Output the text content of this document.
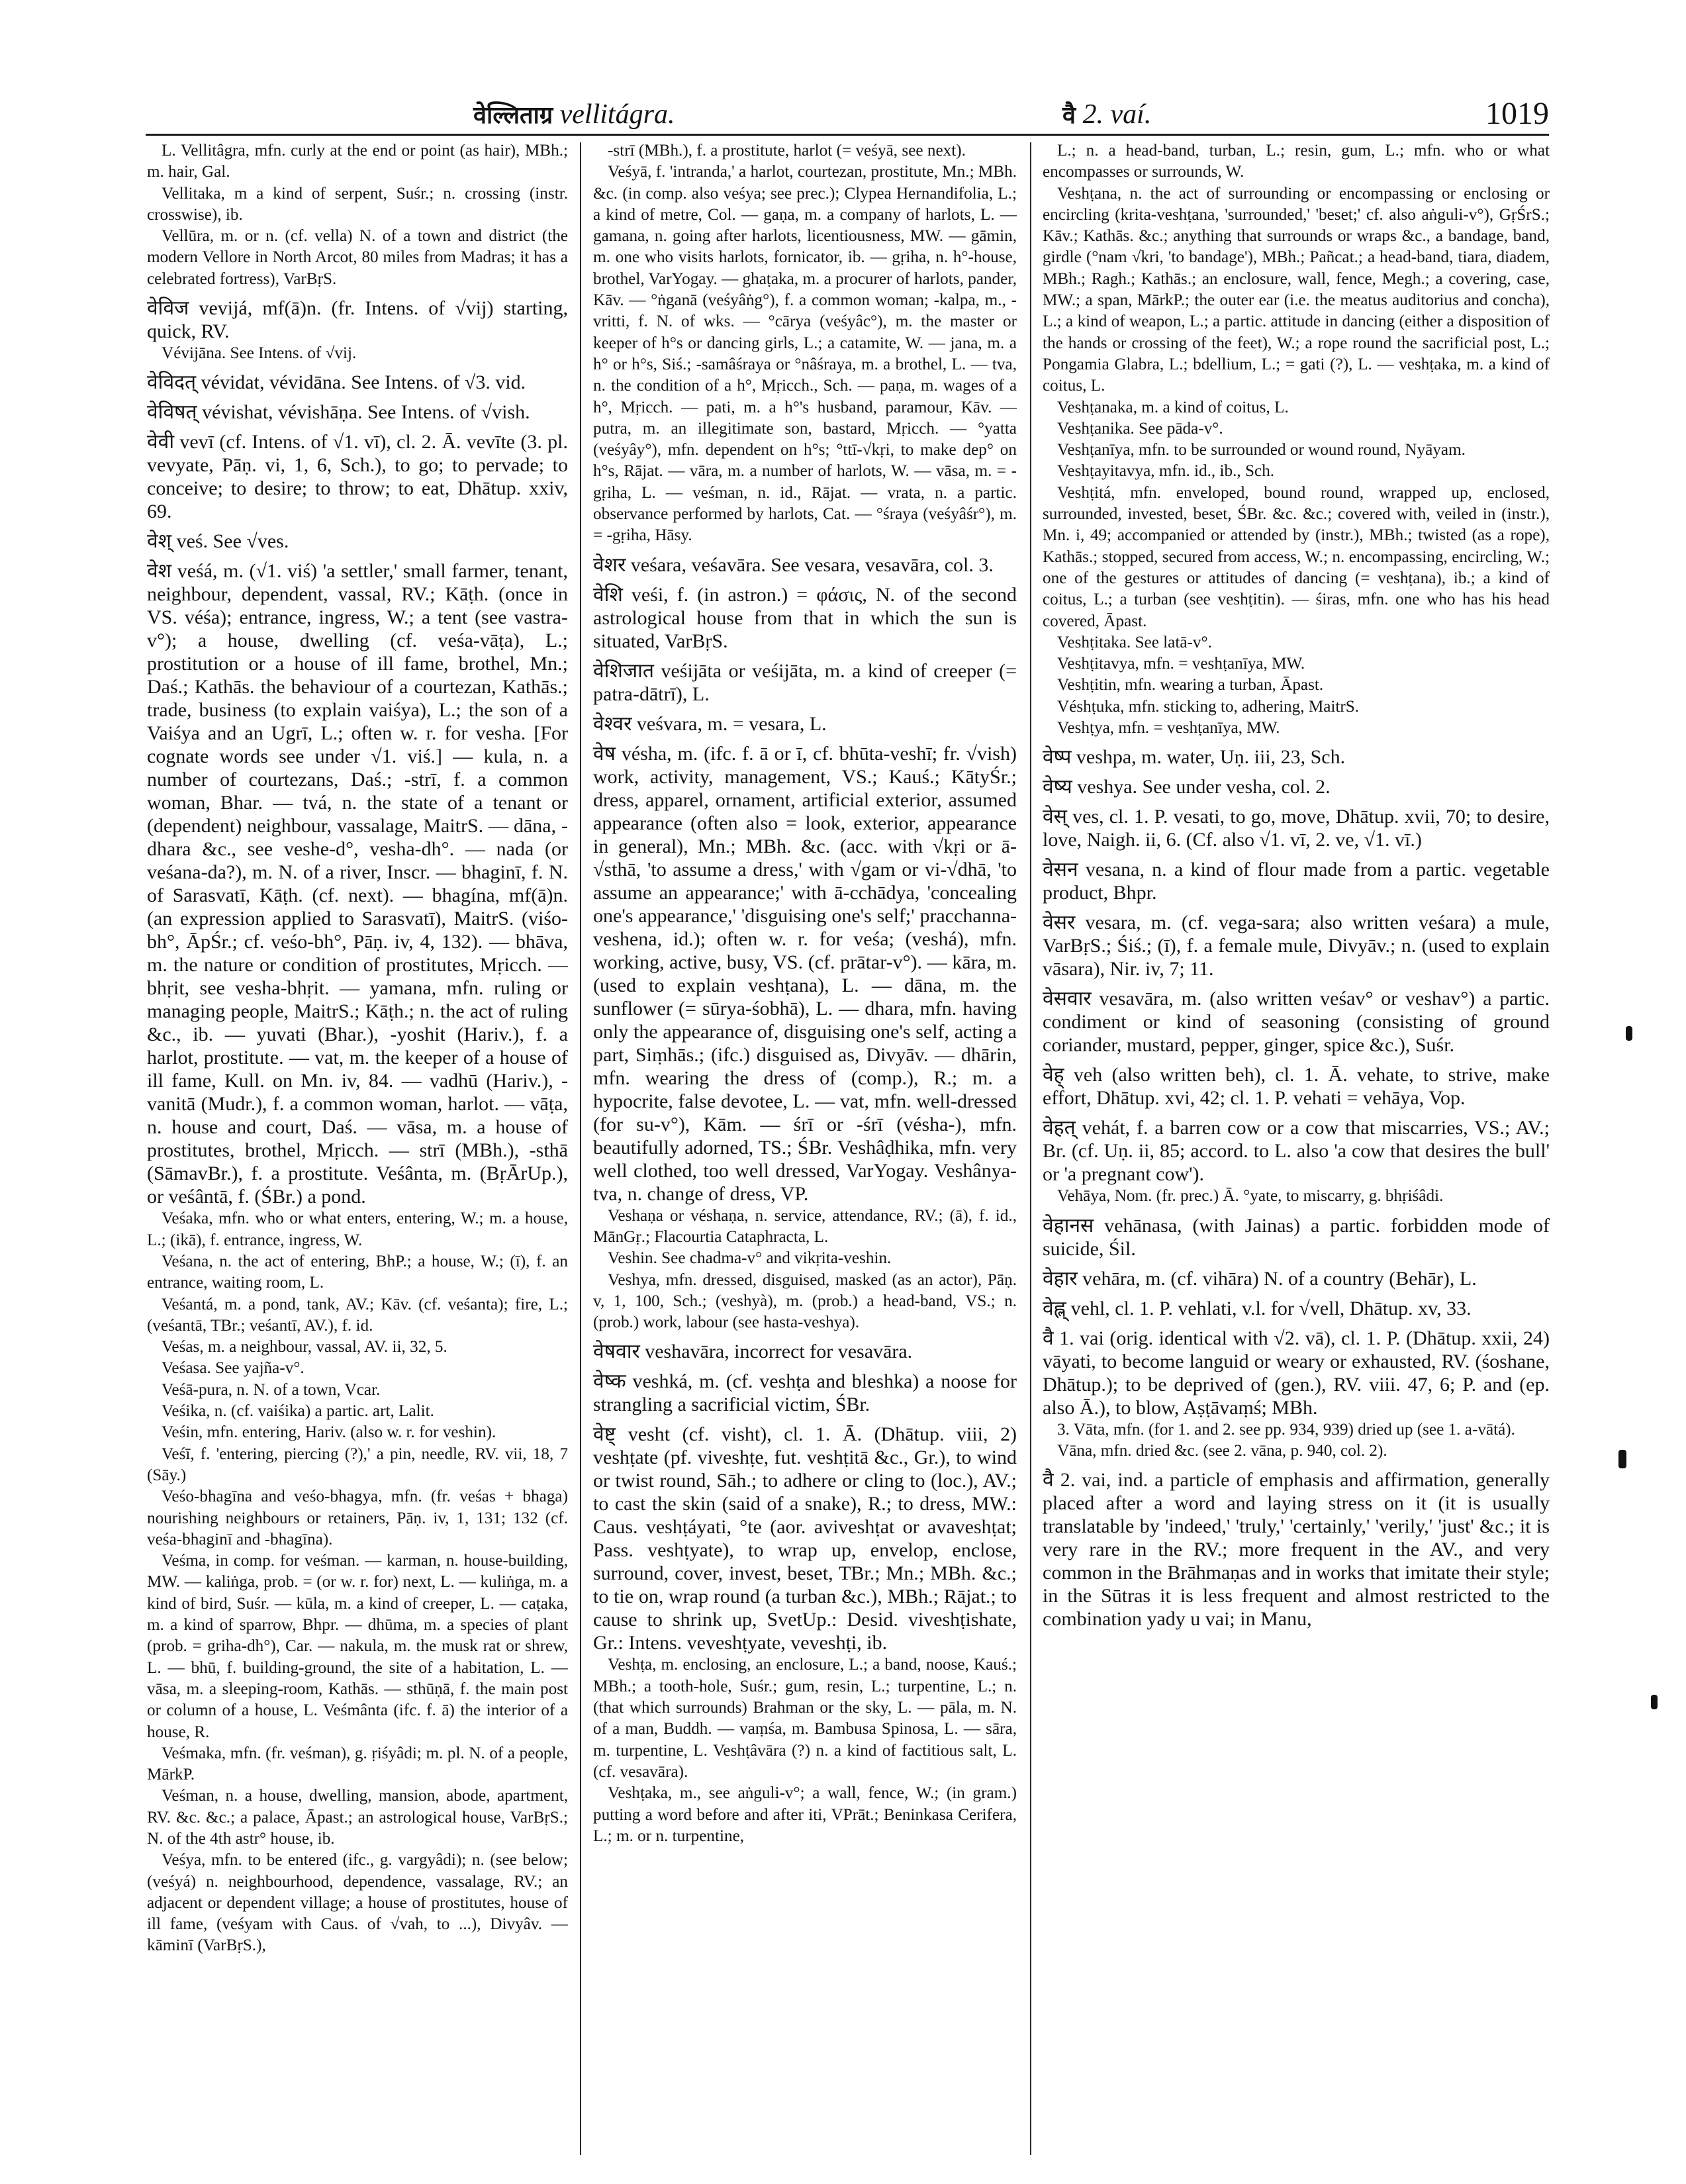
वेल्लिताग्र vellitágra.	वै 2. vaí.	1019

L. Vellitâgra, mfn. curly at the end or point (as hair), MBh.; m. hair, Gal.

Vellitaka, m a kind of serpent, Suśr.; n. crossing (instr. crosswise), ib.

Vellūra, m. or n. (cf. vella) N. of a town and district (the modern Vellore in North Arcot, 80 miles from Madras; it has a celebrated fortress), VarBṛS.

वेविज vevijá, mf(ā)n. (fr. Intens. of √vij) starting, quick, RV.

Vévijāna. See Intens. of √vij.

वेविदत् vévidat, vévidāna. See Intens. of √3. vid.

वेविषत् vévishat, vévishāṇa. See Intens. of √vish.

वेवी vevī (cf. Intens. of √1. vī), cl. 2. Ā. vevīte (3. pl. vevyate, Pāṇ. vi, 1, 6, Sch.), to go; to pervade; to conceive; to desire; to throw; to eat, Dhātup. xxiv, 69.

वेश् veś. See √ves.

वेश veśá, m. (√1. viś) 'a settler,' small farmer, tenant, neighbour, dependent, vassal, RV.; Kāṭh. (once in VS. véśa); entrance, ingress, W.; a tent (see vastra-v°); a house, dwelling (cf. veśa-vāṭa), L.; prostitution or a house of ill fame, brothel, Mn.; Daś.; Kathās. the behaviour of a courtezan, Kathās.; trade, business (to explain vaiśya), L.; the son of a Vaiśya and an Ugrī, L.; often w. r. for vesha. [For cognate words see under √1. viś.] — kula, n. a number of courtezans, Daś.; -strī, f. a common woman, Bhar. — tvá, n. the state of a tenant or (dependent) neighbour, vassalage, MaitrS. — dāna, -dhara &c., see veshe-d°, vesha-dh°. — nada (or veśana-da?), m. N. of a river, Inscr. — bhaginī, f. N. of Sarasvatī, Kāṭh. (cf. next). — bhagína, mf(ā)n. (an expression applied to Sarasvatī), MaitrS. (viśo-bh°, ĀpŚr.; cf. veśo-bh°, Pāṇ. iv, 4, 132). — bhāva, m. the nature or condition of prostitutes, Mṛicch. — bhṛit, see vesha-bhṛit. — yamana, mfn. ruling or managing people, MaitrS.; Kāṭh.; n. the act of ruling &c., ib. — yuvati (Bhar.), -yoshit (Hariv.), f. a harlot, prostitute. — vat, m. the keeper of a house of ill fame, Kull. on Mn. iv, 84. — vadhū (Hariv.), -vanitā (Mudr.), f. a common woman, harlot. — vāṭa, n. house and court, Daś. — vāsa, m. a house of prostitutes, brothel, Mṛicch. — strī (MBh.), -sthā (SāmavBr.), f. a prostitute. Veśânta, m. (BṛĀrUp.), or veśântā, f. (ŚBr.) a pond.

Veśaka, mfn. who or what enters, entering, W.; m. a house, L.; (ikā), f. entrance, ingress, W.

Veśana, n. the act of entering, BhP.; a house, W.; (ī), f. an entrance, waiting room, L.

Veśantá, m. a pond, tank, AV.; Kāv. (cf. veśanta); fire, L.; (veśantā, TBr.; veśantī, AV.), f. id.

Veśas, m. a neighbour, vassal, AV. ii, 32, 5.

Veśasa. See yajña-v°.

Veśā-pura, n. N. of a town, Vcar.

Veśika, n. (cf. vaiśika) a partic. art, Lalit.

Veśin, mfn. entering, Hariv. (also w. r. for veshin).

Veśī, f. 'entering, piercing (?),' a pin, needle, RV. vii, 18, 7 (Sāy.)

Veśo-bhagīna and veśo-bhagya, mfn. (fr. veśas + bhaga) nourishing neighbours or retainers, Pāṇ. iv, 1, 131; 132 (cf. veśa-bhaginī and -bhagīna).

Veśma, in comp. for veśman. — karman, n. house-building, MW. — kaliṅga, prob. = (or w. r. for) next, L. — kuliṅga, m. a kind of bird, Suśr. — kūla, m. a kind of creeper, L. — caṭaka, m. a kind of sparrow, Bhpr. — dhūma, m. a species of plant (prob. = griha-dh°), Car. — nakula, m. the musk rat or shrew, L. — bhū, f. building-ground, the site of a habitation, L. — vāsa, m. a sleeping-room, Kathās. — sthūṇā, f. the main post or column of a house, L. Veśmânta (ifc. f. ā) the interior of a house, R.

Veśmaka, mfn. (fr. veśman), g. ṛiśyâdi; m. pl. N. of a people, MārkP.

Veśman, n. a house, dwelling, mansion, abode, apartment, RV. &c. &c.; a palace, Āpast.; an astrological house, VarBṛS.; N. of the 4th astr° house, ib.

Veśya, mfn. to be entered (ifc., g. vargyâdi); n. (see below; (veśyá) n. neighbourhood, dependence, vassalage, RV.; an adjacent or dependent village; a house of prostitutes, house of ill fame, (veśyam with Caus. of √vah, to ...), Divyâv. — kāminī (VarBṛS.),

-strī (MBh.), f. a prostitute, harlot (= veśyā, see next).

Veśyā, f. 'intranda,' a harlot, courtezan, prostitute, Mn.; MBh. &c. (in comp. also veśya; see prec.); Clypea Hernandifolia, L.; a kind of metre, Col. — gaṇa, m. a company of harlots, L. — gamana, n. going after harlots, licentiousness, MW. — gāmin, m. one who visits harlots, fornicator, ib. — gṛiha, n. h°-house, brothel, VarYogay. — ghaṭaka, m. a procurer of harlots, pander, Kāv. — °ṅganā (veśyâṅg°), f. a common woman; -kalpa, m., -vritti, f. N. of wks. — °cārya (veśyâc°), m. the master or keeper of h°s or dancing girls, L.; a catamite, W. — jana, m. a h° or h°s, Siś.; -samâśraya or °nâśraya, m. a brothel, L. — tva, n. the condition of a h°, Mṛicch., Sch. — paṇa, m. wages of a h°, Mṛicch. — pati, m. a h°'s husband, paramour, Kāv. — putra, m. an illegitimate son, bastard, Mṛicch. — °yatta (veśyây°), mfn. dependent on h°s; °ttī-√kṛi, to make dep° on h°s, Rājat. — vāra, m. a number of harlots, W. — vāsa, m. = -gṛiha, L. — veśman, n. id., Rājat. — vrata, n. a partic. observance performed by harlots, Cat. — °śraya (veśyâśr°), m. = -gṛiha, Hāsy.

वेशर veśara, veśavāra. See vesara, vesavāra, col. 3.

वेशि veśi, f. (in astron.) = φάσις, N. of the second astrological house from that in which the sun is situated, VarBṛS.

वेशिजात veśijāta or veśijāta, m. a kind of creeper (= patra-dātrī), L.

वेश्वर veśvara, m. = vesara, L.

वेष vésha, m. (ifc. f. ā or ī, cf. bhūta-veshī; fr. √vish) work, activity, management, VS.; Kauś.; KātyŚr.; dress, apparel, ornament, artificial exterior, assumed appearance (often also = look, exterior, appearance in general), Mn.; MBh. &c. (acc. with √kṛi or ā-√sthā, 'to assume a dress,' with √gam or vi-√dhā, 'to assume an appearance;' with ā-cchādya, 'concealing one's appearance,' 'disguising one's self;' pracchanna-veshena, id.); often w. r. for veśa; (veshá), mfn. working, active, busy, VS. (cf. prātar-v°). — kāra, m. (used to explain veshṭana), L. — dāna, m. the sunflower (= sūrya-śobhā), L. — dhara, mfn. having only the appearance of, disguising one's self, acting a part, Siṃhās.; (ifc.) disguised as, Divyāv. — dhārin, mfn. wearing the dress of (comp.), R.; m. a hypocrite, false devotee, L. — vat, mfn. well-dressed (for su-v°), Kām. — śrī or -śrī (vésha-), mfn. beautifully adorned, TS.; ŚBr. Veshâḍhika, mfn. very well clothed, too well dressed, VarYogay. Veshânya-tva, n. change of dress, VP.

Veshaṇa or véshaṇa, n. service, attendance, RV.; (ā), f. id., MānGṛ.; Flacourtia Cataphracta, L.

Veshin. See chadma-v° and vikṛita-veshin.

Veshya, mfn. dressed, disguised, masked (as an actor), Pāṇ. v, 1, 100, Sch.; (veshyà), m. (prob.) a head-band, VS.; n. (prob.) work, labour (see hasta-veshya).

वेषवार veshavāra, incorrect for vesavāra.

वेष्क veshká, m. (cf. veshṭa and bleshka) a noose for strangling a sacrificial victim, ŚBr.

वेष्ट् vesht (cf. visht), cl. 1. Ā. (Dhātup. viii, 2) veshṭate (pf. viveshṭe, fut. veshṭitā &c., Gr.), to wind or twist round, Sāh.; to adhere or cling to (loc.), AV.; to cast the skin (said of a snake), R.; to dress, MW.: Caus. veshṭáyati, °te (aor. aviveshṭat or avaveshṭat; Pass. veshṭyate), to wrap up, envelop, enclose, surround, cover, invest, beset, TBr.; Mn.; MBh. &c.; to tie on, wrap round (a turban &c.), MBh.; Rājat.; to cause to shrink up, SvetUp.: Desid. viveshṭishate, Gr.: Intens. veveshṭyate, veveshṭi, ib.

Veshṭa, m. enclosing, an enclosure, L.; a band, noose, Kauś.; MBh.; a tooth-hole, Suśr.; gum, resin, L.; turpentine, L.; n. (that which surrounds) Brahman or the sky, L. — pāla, m. N. of a man, Buddh. — vaṃśa, m. Bambusa Spinosa, L. — sāra, m. turpentine, L. Veshṭâvāra (?) n. a kind of factitious salt, L. (cf. vesavāra).

Veshṭaka, m., see aṅguli-v°; a wall, fence, W.; (in gram.) putting a word before and after iti, VPrāt.; Beninkasa Cerifera, L.; m. or n. turpentine,

L.; n. a head-band, turban, L.; resin, gum, L.; mfn. who or what encompasses or surrounds, W.

Veshṭana, n. the act of surrounding or encompassing or enclosing or encircling (krita-veshṭana, 'surrounded,' 'beset;' cf. also aṅguli-v°), GṛŚrS.; Kāv.; Kathās. &c.; anything that surrounds or wraps &c., a bandage, band, girdle (°nam √kri, 'to bandage'), MBh.; Pañcat.; a head-band, tiara, diadem, MBh.; Ragh.; Kathās.; an enclosure, wall, fence, Megh.; a covering, case, MW.; a span, MārkP.; the outer ear (i.e. the meatus auditorius and concha), L.; a kind of weapon, L.; a partic. attitude in dancing (either a disposition of the hands or crossing of the feet), W.; a rope round the sacrificial post, L.; Pongamia Glabra, L.; bdellium, L.; = gati (?), L. — veshṭaka, m. a kind of coitus, L.

Veshṭanaka, m. a kind of coitus, L.

Veshṭanika. See pāda-v°.

Veshṭanīya, mfn. to be surrounded or wound round, Nyāyam.

Veshṭayitavya, mfn. id., ib., Sch.

Veshṭitá, mfn. enveloped, bound round, wrapped up, enclosed, surrounded, invested, beset, ŚBr. &c. &c.; covered with, veiled in (instr.), Mn. i, 49; accompanied or attended by (instr.), MBh.; twisted (as a rope), Kathās.; stopped, secured from access, W.; n. encompassing, encircling, W.; one of the gestures or attitudes of dancing (= veshṭana), ib.; a kind of coitus, L.; a turban (see veshṭitin). — śiras, mfn. one who has his head covered, Āpast.

Veshṭitaka. See latā-v°.

Veshṭitavya, mfn. = veshṭanīya, MW.

Veshṭitin, mfn. wearing a turban, Āpast.

Véshṭuka, mfn. sticking to, adhering, MaitrS.

Veshṭya, mfn. = veshṭanīya, MW.

वेष्प veshpa, m. water, Uṇ. iii, 23, Sch.

वेष्य veshya. See under vesha, col. 2.

वेस् ves, cl. 1. P. vesati, to go, move, Dhātup. xvii, 70; to desire, love, Naigh. ii, 6. (Cf. also √1. vī, 2. ve, √1. vī.)

वेसन vesana, n. a kind of flour made from a partic. vegetable product, Bhpr.

वेसर vesara, m. (cf. vega-sara; also written veśara) a mule, VarBṛS.; Śiś.; (ī), f. a female mule, Divyāv.; n. (used to explain vāsara), Nir. iv, 7; 11.

वेसवार vesavāra, m. (also written veśav° or veshav°) a partic. condiment or kind of seasoning (consisting of ground coriander, mustard, pepper, ginger, spice &c.), Suśr.

वेह् veh (also written beh), cl. 1. Ā. vehate, to strive, make effort, Dhātup. xvi, 42; cl. 1. P. vehati = vehāya, Vop.

वेहत् vehát, f. a barren cow or a cow that miscarries, VS.; AV.; Br. (cf. Uṇ. ii, 85; accord. to L. also 'a cow that desires the bull' or 'a pregnant cow').

Vehāya, Nom. (fr. prec.) Ā. °yate, to miscarry, g. bhṛiśâdi.

वेहानस vehānasa, (with Jainas) a partic. forbidden mode of suicide, Śil.

वेहार vehāra, m. (cf. vihāra) N. of a country (Behār), L.

वेह्ल् vehl, cl. 1. P. vehlati, v.l. for √vell, Dhātup. xv, 33.

वै 1. vai (orig. identical with √2. vā), cl. 1. P. (Dhātup. xxii, 24) vāyati, to become languid or weary or exhausted, RV. (śoshane, Dhātup.); to be deprived of (gen.), RV. viii. 47, 6; P. and (ep. also Ā.), to blow, Aṣṭāvaṃś; MBh.

3. Vāta, mfn. (for 1. and 2. see pp. 934, 939) dried up (see 1. a-vātá).

Vāna, mfn. dried &c. (see 2. vāna, p. 940, col. 2).

वै 2. vai, ind. a particle of emphasis and affirmation, generally placed after a word and laying stress on it (it is usually translatable by 'indeed,' 'truly,' 'certainly,' 'verily,' 'just' &c.; it is very rare in the RV.; more frequent in the AV., and very common in the Brāhmaṇas and in works that imitate their style; in the Sūtras it is less frequent and almost restricted to the combination yady u vai; in Manu,
